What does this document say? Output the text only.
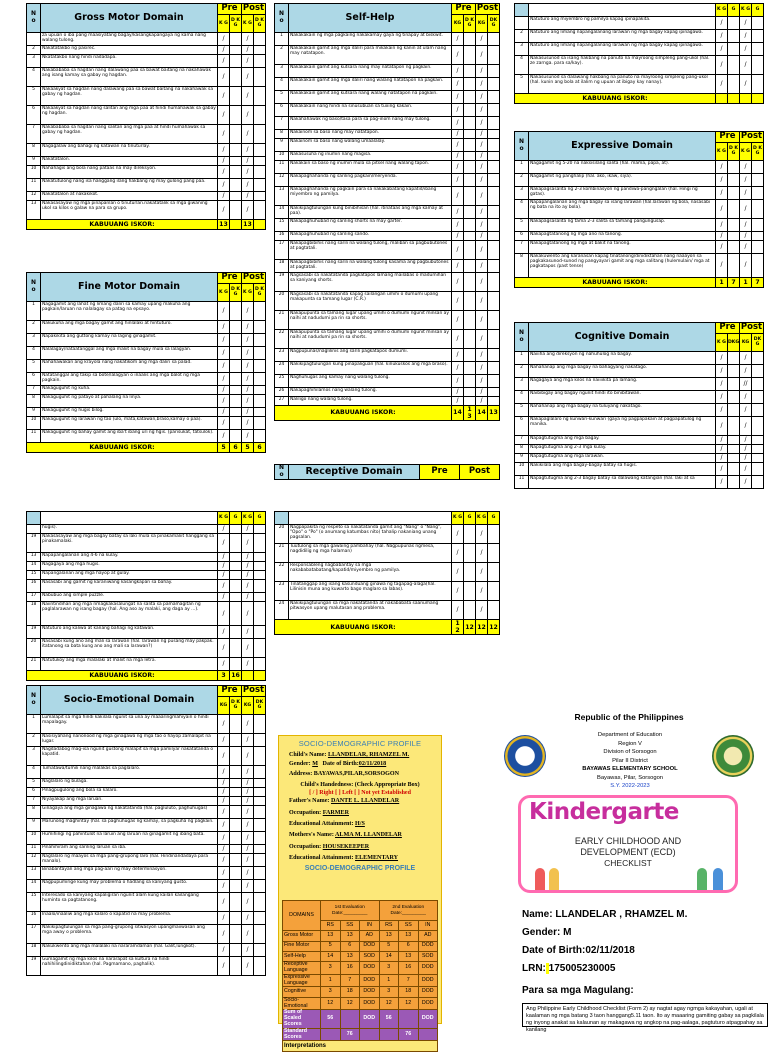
N o	Gross Motor Domain	Pre		Post	
		K G	D K G	K G	D K G
	za upuan o iba pang maasiyatang bagay/kasangkapangaya ng kama nang walang tulong.	/		/	
2	Nakatatakbo ng pasirec.	/		/	
3	Nkatatakbo nang hindi nadadapa.	/		/	
4	Nakabababa sa hagdan nang dalawang paa sa bawat baitang na nakahawak ang isang kamay sa gabay ng hagdan.	/		/	
5	Nakaakyat sa hagdan nang dalawang paa sa bawat baitang na nakahawak sa gabay ng hagdan.	/		/	
6	Nakaakyat sa hagdan nang salitan ang mga paa at hindi humahawak sa gabay ng hagdan.	/		/	
7	Nakabababa sa hagdan nang salitan ang mga paa at hindi humahawak sa gabay ng hagdan.	/		/	
8	Nagagalaw ang bahagi ng katawan na tinuturlay.	/		/	
9	Nakatatalon.	/		/	
10	Nahahagis ang bola nang pataas na may direksyon.	/		/	
11	Nakatutulong nang isa hanggang ilang hakbang ng may gulong pang paa.	/		/	
12	Nakatatalon at nakakikot.	/		/	
13	Nakasasayaw ng mga pinapanlan o tinuturlan.nakatatalik sa mga giwaning ukol sa kilos o galaw na para sa grupo.	/		/	
KABUUANG ISKOR:		13		13	
N o	Fine Motor Domain	Pre		Post	
		K G	D K G	K G	D K G
1	Nagagamit ang lahat ng limang daliri sa kamay upang makuha ang pagkain/laruan na nalalagay sa patag na epsayo.	/		/	
2	Nakukuha ang mga bagay gamit ang hinlalaki at hintuturo.	/		/	
3	Napakikita ang guttong kamay na laging ginagamit.	/		/	
4	Nalalagay/nataatanggal ang mga maliit na bagay mula sa lalagyan.	/		/	
5	Nahahawakan ang krayola nang nakatikom ang mga daliri sa palad.	/		/	
6	Natatanggal ang takip sa bote/lalagyan o inaalis ang mga balot ng mga pagkain.	/		/	
7	Nakaguguhit ng kuha.	/		/	
8	Nakaguguhit ng patayo at pahalang na linya.	/		/	
9	Nakaguguhit ng hugis bilog.	/		/	
10	Nakaguguhit ng larawan ng tao (ulo, mata,katawan,braso,kamay o paa).	/		/	
11	Nakaguguhit ng bahay gamit ang iba't ibang uri ng hgis. (parisukat, tatsulok).	/		/	
KABUUANG ISKOR:		5	6	5	6
N o	Self-Help	Pre		Post	
		KG	D K G	KG	DK G
1	Nakakakain ng mga pagkaing nakakamay gaya ng tinapay at biskwit.	/		/	
2	Nakakakain gamit ang mga daliri para mikakain ng kanin at ulam nang may natatapon.	/		/	
3	Nakakakain gamit ang kutsara nang may natatapon ng pagkain.	/		/	
4	Nakakakain gamit ang mga daliri nang walang natatapon na pagkain.	/		/	
5	Nakakakain gamit ang kutsara nang walang natatapon na pagkain.	/		/	
6	Nakakakain nang hindi na sinusubuan sa tuxing kakain.	/		/	
7	Nakahahawak ng baso/tasa para sa pag-inom nang may tulong.	/		/	
8	Nakainom sa baso nang may natatapon.	/		/	
9	Nakainom sa baso nang walang umaalalay.	/		/	
10	Nakasusuha ng inumin nang magisa.	/		/	
11	Nakakain sa baso ng inumin mula sa pitsel nang walang tapon.	/		/	
12	Nakapaghahanda ng sariling pagkain/meryenda.	/		/	
13	Nakapaghahanda ng pagkain para sa nakakabatang kapatid/ibang miyembro ng pamilya.	/		/	
14	Nakikipagtulungan kung binibihisan (hal. itinataas ang mga kamay at paa).	/		/	
15	Nakapaghuhubad ng sariling shorts na may garter.	/		/	
16	Nakapaghuhubad ng sariling sando.	/		/	
17	Nakapagbibihis nang sarili na walang tulong, maliban sa pagbubutones at pagtatali.	/		/	
18	Nakapagbibihis nang sarili na walang tulong kasama ang pagbubutones at pagtatali.	/		/	
19	Nagsasabi sa nakatatanda pagkatapos lamang mailabas o madumihan sa kaniyang shorts.	/		/	
20	Nagsasabi sa nakatatanda kapag sailangan umihi o dumumi upang makapunta sa tamang lugar (C.R.)	/		/	
21	Nakapupunta sa tamang lugar upang umihi o dumumi ngunit minsan ay naihi at nadudumi pa rin sa shorts.	/		/	
22	Nakapupunta sa tamang lugar upang umihi o dumumi ngunit minsan ay naihi at nadudumi pa rin sa shorts.	/		/	
23	Nagpupunas/naglilinis ang sarili pagkatapos dumumi.	/		/	
24	Nakikipagtulungan kung pinapaliguan (hal. kinukuskos ang mga braso).	/		/	
25	Naghuhugas ang kamay nang walang tulong.	/		/	
26	Nakapaghihilamos nang walang tulong.	/		/	
27	Naliligo nang walang tulong.	/		/	
KABUUANG ISKOR:		14	1 3	14	13
		K G	G	K G	G
	Natuturo ang miyembro ng pamilya kapag ipinapakita.	/		/	
2	Natuturo ang limang napangalanang larawan ng mga bagay kapag ipinagawa.	/		/	
3	Natuturo ang limang napangalanang larawan ng mga bagay kapag ipinagawa.	/		/	
4	Nakasusunod sa isang hakbang na panuto na mayroong simpleng pang-ukol (hal. ze zarnga. para sa/kay).	/		/	
5	Nakasusunod sa dalawang hakbang na panuto na mayroong simpleng pang-ukol (hal. kunin ang bola at ilalim ng upuan at ibigay kay nanay).	/		/	
KABUUANG ISKOR:					
N o	Expressive Domain	Pre		Post	
		K G	D K G	K G	D K G
1	Nagagamit ng 5-20 na naksisilang salita (hal. mama, papa, at).	/		/	
2	Nagagamit ng panghalip (hal. ako, ikaw, siya).	/		/	
3	Nakapagsasalita ng 2-3 kombinasyon ng pandiwa-pangngalan (hal. Hingi ng gatas).	/		/	
4	Napapangalanan ang mga bagay sa isang larawan (hal.larawan ng bola, nasasabi ng bata na ito ay bola).	/		/	
5	Nakapagsasalita ng tama 2-3 salita sa tamang pangungusap.	/		/	
6	Nakapagtatanong ng mga ano na tanong.	/		/	
7	Nakapagtatanong ng mga at bakit na tanong.	/		/	
8	Nakakuwento ang karanasan kapag tinatanong/dinidiktahan nang naaayon sa pagkakasunod-sunod ng pangyayari gamit ang mga salitang (hulemulain/ mga at pagkatapos /past tense)	/		/	
KABUUANG ISKOR:		1	7	1	7
N o	Cognitive Domain	Pre		Post	
		K G	DKG	KG	DK G
1	Naiiiha ang direksyon ng nahuhulog na bagay.	/		/	
2	Nahahanap ang mga bagay na bahagyang nakatago.	/		/	
3	Nagagaya ang mga kilos na naiiiikita pa lamang.	/		//	
4	Naibibigay ang bagay ngunit hindi ito binibitawan.	/		/	
5	Nahahanap ang mga bagay na tuluyang nakatago.	/		/	
6	Nakapaglalaro ng kunwari-kunwari (gaya ng pagpapakain at pagpapatulog ng manika.	/		/	
7	Napagtutugma ang mga bagay.	/		/	
8	Napagtutugma ang 2-3 mga kulay.	/		/	
9	Napagtutugma ang mga larawan.	/		/	
10	Nakikilala ang mga bagay-bagay batay sa hugis.	/		/	
11	Napagtutugma ang 2-3 bagay batay sa dalawang katangian (hal. laki at sa	/		/	
N o	Receptive Domain	Pre	Post
		K G	G	K G	G
	hugis).	/		/	
19	Nakasasayaw ang mga bagay batay sa laki mula sa pinakamaliit hanggang sa pinakamalaki.	/		/	
13	Napapangalanan ang 4-6 na kulay.	/		/	
14	Nagagaya ang mga hugis.	/		/	
15	Napangalanan ang mga hayop at gulay.	/		/	
16	Nasasabi ang gamit ng karaniwang kasangkapan sa bahay.	/		/	
17	Nabubuo ang simple puzzle.	/		/	
18	Naiintindihan ang mga nmagkakasalungat na salita sa pamamagitan ng paglalarawan ng isang bagay (hal. Ang aso ay malaki, ang daga ay ...).	/		/	
19	Natuturo ang kaliwa at kanang bahagi ng katawan.	/		/	
20	Nasasabi kung ano ang mali sa larawan (hal. larawan ng pusang may pakpak. itatanong sa bata kung ano ang mali sa larawan?)	/		/	
21	Natutukoy ang mga malalaki at maliit na mga letra.	/		/	
KABUUANG ISKOR:		3	16		
		K G	G	K G	G
20	Nagpapakita ng respeto sa nakatatanda gamit ang "Nang" o "Nang", "Opo" o "Po" (o anumang katumbas nito) tahalip nakaniang unang pagsalan.	/		/	
21	Tuutulong sa mga gawaing pambahay (hal. Nagpupunas ngmesa, nagdidilig ng mga halaman)	/		/	
22	Responsableng nagbabantay sa mga nakababatabatang/kapatid/miyembro ng pamilya.	/		/	
23	Tinatanggap ang isang kasunduang ginawa ng tagapag-alaga(hal. Lilinisin muna ang kuwarto bago maglaro sa labas).	/		/	
24	Nakikipagtulungan sa mga nakatatanda at nakababata saanumang pitwasyon upang malutasan ang problema.	/		/	
KABUUANG ISKOR:		1 2	12	12	12
N o	Socio-Emotional Domain	Pre		Post	
		KG	D K G	KG	DK G
1	Lumalapit sa mga hindi kakilala ngunit sa una ay maaaringmahiyain o hindi mapalagay.	/		/	
2	Nasisiyahang nanonood ng mga ginagawa ng mga tao o hayop zamalapit na lugar.	/		/	
3	Nagdadabog mag-isa ngunit gustong malapit sa mga pamilyar nakatatanda o kapatid.	/		/	
4	Tumatawa/tumili nang malakas sa paglalaro.	/		/	
5	Naglalaro ng bulaga.	/		/	
6	Pinagpugulong ang bola sa kalaro.	/		/	
7	Niyayakap ang mga laruan.	/		/	
8	Ginagaya ang mga ginagawa ng nakatatanda (hal. pagluluto, paghuhugas)	/		/	
9	Marunong maghintay (hal. sa paghuhugas ng kamay, sa pagkuha ng pagkain.	/		/	
10	Humihingi ng pahintulot na laruin ang laruan na ginagamit ng ibang bata.	/		/	
11	Pinahihiram ang sariling laruan sa iba.	/		/	
12	Naglalaro ng maayos sa mga pang-grupong laro (hal. Hindinandadaya para manalo).	/		/	
13	Binabantayan ang mga pag-aari ng may determinasyon.	/		/	
14	Nagpupumirige kung may problema o hadlang sa kaniyang gusto.	/		/	
15	Interesado sa kaniyang kapaligiran ngunit alam kung kailan kailangang huminto sa pagtatanong.	/		/	
16	Inaalo/inaaliw ang mga kalaro o kapatid na may problema.	/		/	
17	Nakikipagtulungan sa mga pang-grupong sitwasyon upangmaiiwasan ang mga away o problema.	/		/	
18	Nakukwento ang mga malalaki na nararamdaman (hal. Galit,lungkot).	/		/	
19	Gumagamit ng mga kilos na nararapat sa kultura na hindi nahihilingdinidiktahan (hal. Pagmamano, paghalik).	/		/	
SOCIO-DEMOGRAPHIC PROFILE
Child's Name: LLANDELAR, RHAMZEL M.
Gender: M Date of Birth:02/11/2018
Address: BAYAWAS,PILAR,SORSOGON
Child's Handedness: (Check Appropriate Box)
[ / ] Right [ ] Left [ ] Not yet Established
Father's Name: DANTE L. LLANDELAR
Occupation: FARMER
Educational Attainment: H/S
Mothers's Name: ALMA M. LLANDELAR
Occupation: HOUSEKEEPER
Educational Attainment: ELEMENTARY
SOCIO-DEMOGRAPHIC PROFILE
DOMAINS	1st Evaluation
Date:_________			2nd Evaluation
Date:_________		
	RS	SS	IN	RS	SS	IN
Gross Motor	13	13	AD	13	13	AD
Fine Motor	5	6	DOD	5	6	DOD
Self-Help	14	13	SOD	14	13	SOD
Receptive Language	3	16	DOD	3	16	DOD
Expressive Language	1	7	DOD	1	7	DOD
Cognitive	3	18	DOD	3	18	DOD
Socio-Emotional	12	12	DOD	12	12	DOD
Sum of Scaled Scores	56		DOD	56		DOD
Standard Scores		76			76	
Interpretations						
Republic of the Philippines
Department of Education
Region V
Division of Sorsogon
Pilar II District
BAYAWAS ELEMENTARY SCHOOL
Bayawas, Pilar, Sorsogon
S.Y. 2022-2023
Kindergarte
EARLY CHILDHOOD AND
DEVELOPMENT (ECD)
CHECKLIST
Name: LLANDELAR , RHAMZEL M.
Gender: M
Date of Birth:02/11/2018
LRN: 175005230005
Para sa mga Magulang:
Ang Philippine Early Childhood Checklist (Form 2) ay nagtat agay ngmga kakayahan, ugali at kaalaman ng mga batang 3 taon hanggang5.11 taon. Ito ay maaaring gamiting gabay sa pagkilala ng inyong anakat sa kalaunan ay makagawa ng angkop na pag-aalaga, pagtuturo atpagpahay sa kanilang
